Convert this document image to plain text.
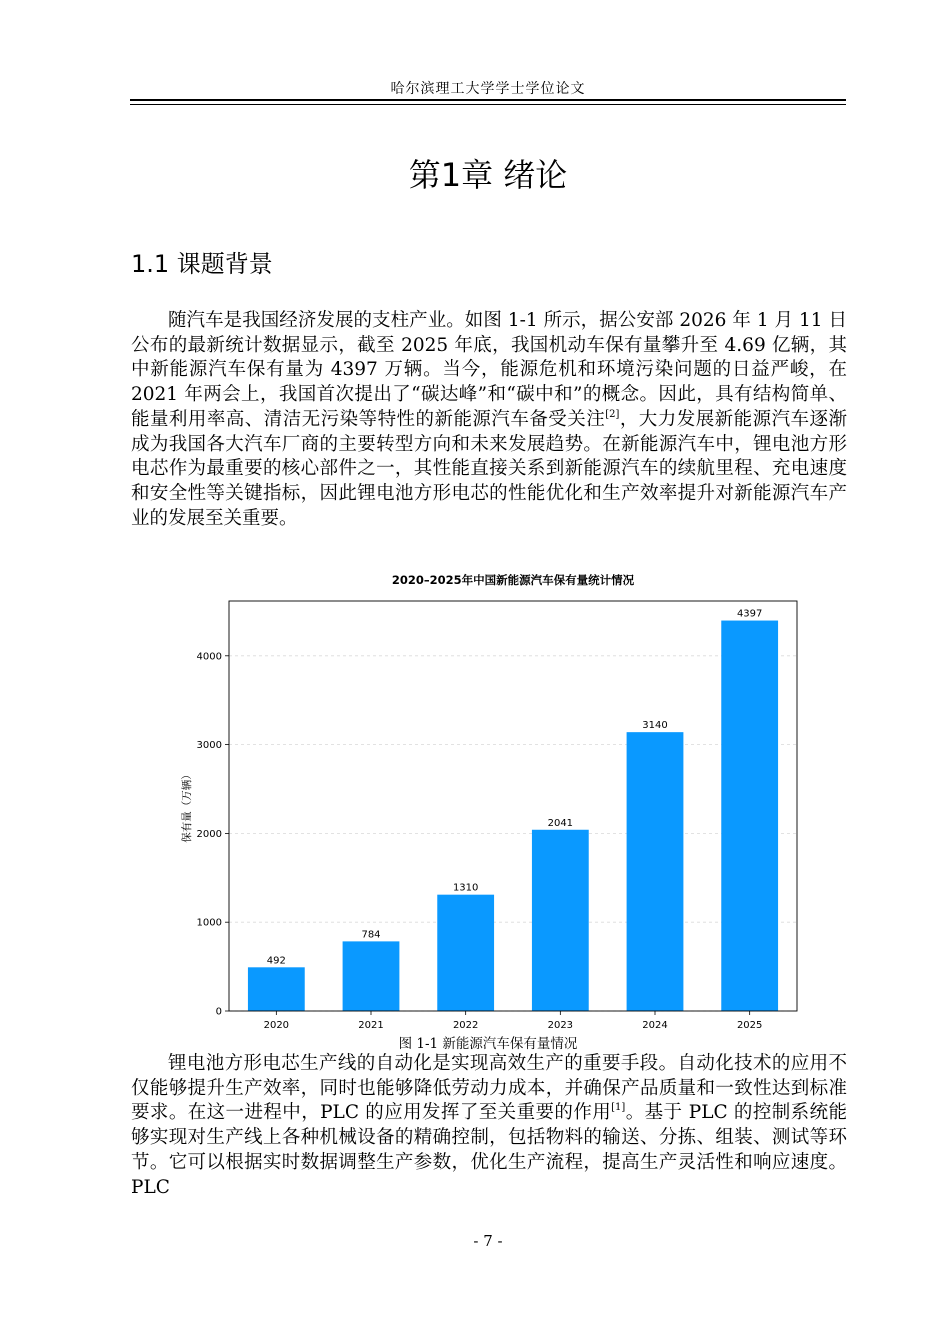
哈尔滨理工大学学士学位论文
第1章 绪论
1.1 课题背景

随汽车是我国经济发展的支柱产业。如图 1-1 所示，据公安部 2026 年 1 月 11 日公布的最新统计数据显示，截至 2025 年底，我国机动车保有量攀升至 4.69 亿辆，其中新能源汽车保有量为 4397 万辆。当今，能源危机和环境污染问题的日益严峻，在 2021 年两会上，我国首次提出了“碳达峰”和“碳中和”的概念。因此，具有结构简单、能量利用率高、清洁无污染等特性的新能源汽车备受关注[2]，大力发展新能源汽车逐渐成为我国各大汽车厂商的主要转型方向和未来发展趋势。在新能源汽车中，锂电池方形电芯作为最重要的核心部件之一，其性能直接关系到新能源汽车的续航里程、充电速度和安全性等关键指标，因此锂电池方形电芯的性能优化和生产效率提升对新能源汽车产业的发展至关重要。

2020–2025年中国新能源汽车保有量统计情况
0
1000
2000
3000
4000
492
2020
784
2021
1310
2022
2041
2023
3140
2024
4397
2025
保有量（万辆）
图 1-1 新能源汽车保有量情况

锂电池方形电芯生产线的自动化是实现高效生产的重要手段。自动化技术的应用不仅能够提升生产效率，同时也能够降低劳动力成本，并确保产品质量和一致性达到标准要求。在这一进程中，PLC 的应用发挥了至关重要的作用[1]。基于 PLC 的控制系统能够实现对生产线上各种机械设备的精确控制，包括物料的输送、分拣、组装、测试等环节。它可以根据实时数据调整生产参数，优化生产流程，提高生产灵活性和响应速度。PLC

- 7 -
